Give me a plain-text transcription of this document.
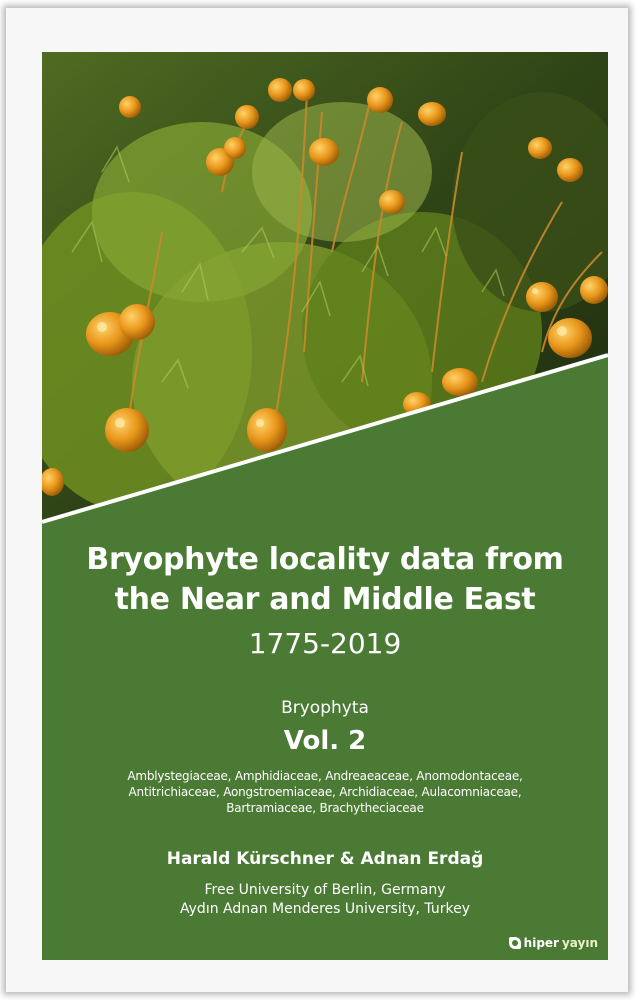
Bryophyte locality data from
the Near and Middle East
1775-2019
Bryophyta
Vol. 2
Amblystegiaceae, Amphidiaceae, Andreaeaceae, Anomodontaceae,
Antitrichiaceae, Aongstroemiaceae, Archidiaceae, Aulacomniaceae,
Bartramiaceae, Brachytheciaceae
Harald Kürschner & Adnan Erdağ
Free University of Berlin, Germany
Aydın Adnan Menderes University, Turkey
hiper yayın
